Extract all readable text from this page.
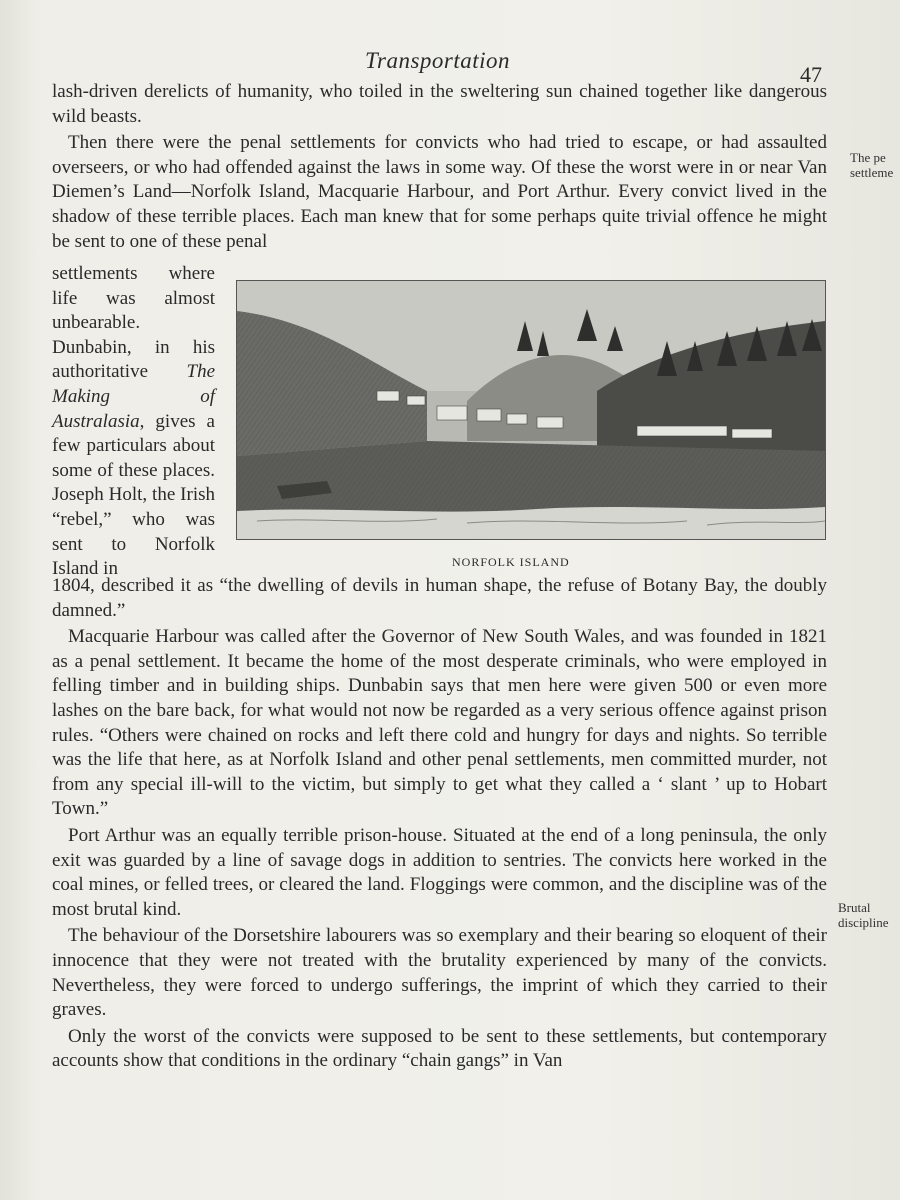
Transportation
47

lash-driven derelicts of humanity, who toiled in the sweltering sun chained together like dangerous wild beasts.

Then there were the penal settlements for convicts who had tried to escape, or had assaulted overseers, or who had offended against the laws in some way. Of these the worst were in or near Van Diemen’s Land—Norfolk Island, Macquarie Harbour, and Port Arthur. Every convict lived in the shadow of these terrible places. Each man knew that for some perhaps quite trivial offence he might be sent to one of these penal

settlements where life was almost unbearable. Dunbabin, in his authoritative The Making of Australasia, gives a few particulars about some of these places. Joseph Holt, the Irish “rebel,” who was sent to Norfolk Island in	NORFOLK ISLAND

1804, described it as “the dwelling of devils in human shape, the refuse of Botany Bay, the doubly damned.”

Macquarie Harbour was called after the Governor of New South Wales, and was founded in 1821 as a penal settlement. It became the home of the most desperate criminals, who were employed in felling timber and in building ships. Dunbabin says that men here were given 500 or even more lashes on the bare back, for what would not now be regarded as a very serious offence against prison rules. “Others were chained on rocks and left there cold and hungry for days and nights. So terrible was the life that here, as at Norfolk Island and other penal settlements, men committed murder, not from any special ill-will to the victim, but simply to get what they called a ‘ slant ’ up to Hobart Town.”

Port Arthur was an equally terrible prison-house. Situated at the end of a long peninsula, the only exit was guarded by a line of savage dogs in addition to sentries. The convicts here worked in the coal mines, or felled trees, or cleared the land. Floggings were common, and the discipline was of the most brutal kind.

The behaviour of the Dorsetshire labourers was so exemplary and their bearing so eloquent of their innocence that they were not treated with the brutality experienced by many of the convicts. Nevertheless, they were forced to undergo sufferings, the imprint of which they carried to their graves.

Only the worst of the convicts were supposed to be sent to these settlements, but contemporary accounts show that conditions in the ordinary “chain gangs” in Van

The pe
settleme
Brutal
discipline
